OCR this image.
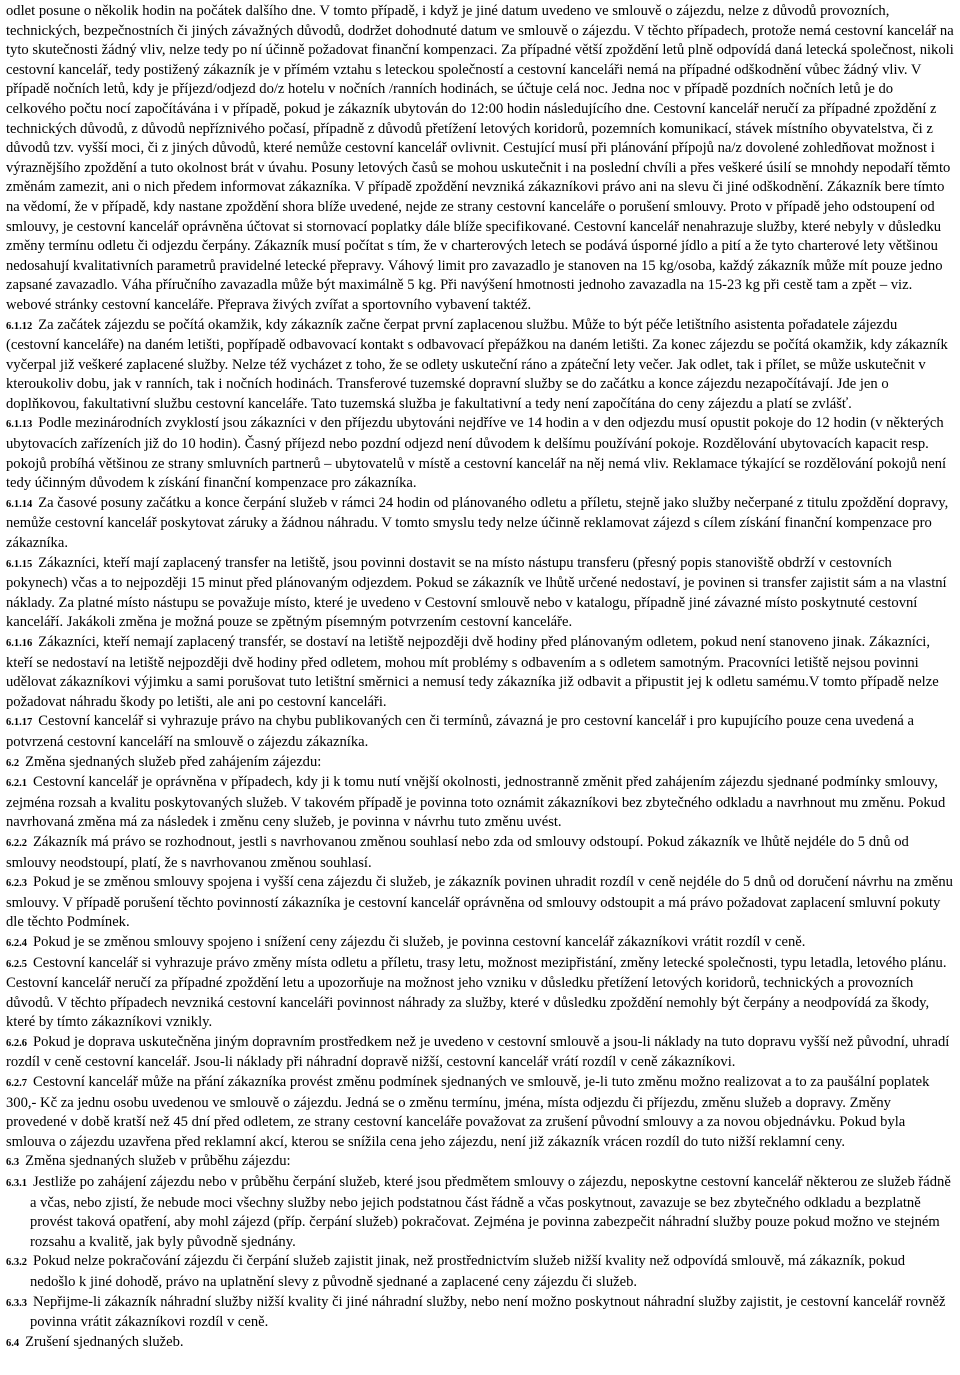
odlet posune o několik hodin na počátek dalšího dne. V tomto případě, i když je jiné datum uvedeno ve smlouvě o zájezdu, nelze z důvodů provozních, technických, bezpečnostních či jiných závažných důvodů, dodržet dohodnuté datum ve smlouvě o zájezdu. V těchto případech, protože nemá cestovní kancelář na tyto skutečnosti žádný vliv, nelze tedy po ní účinně požadovat finanční kompenzaci. Za případné větší zpoždění letů plně odpovídá daná letecká společnost, nikoli cestovní kancelář, tedy postižený zákazník je v přímém vztahu s leteckou společností a cestovní kanceláři nemá na případné odškodnění vůbec žádný vliv. V případě nočních letů, kdy je příjezd/odjezd do/z hotelu v nočních /ranních hodinách, se účtuje celá noc. Jedna noc v případě pozdních nočních letů je do celkového počtu nocí započítávána i v případě, pokud je zákazník ubytován do 12:00 hodin následujícího dne. Cestovní kancelář neručí za případné zpoždění z technických důvodů, z důvodů nepříznivého počasí, případně z důvodů přetížení letových koridorů, pozemních komunikací, stávek místního obyvatelstva, či z důvodů tzv. vyšší moci, či z jiných důvodů, které nemůže cestovní kancelář ovlivnit. Cestující musí při plánování přípojů na/z dovolené zohledňovat možnost i výraznějšího zpoždění a tuto okolnost brát v úvahu. Posuny letových časů se mohou uskutečnit i na poslední chvíli a přes veškeré úsilí se mnohdy nepodaří těmto změnám zamezit, ani o nich předem informovat zákazníka. V případě zpoždění nevzniká zákazníkovi právo ani na slevu či jiné odškodnění. Zákazník bere tímto na vědomí, že v případě, kdy nastane zpoždění shora blíže uvedené, nejde ze strany cestovní kanceláře o porušení smlouvy. Proto v případě jeho odstoupení od smlouvy, je cestovní kancelář oprávněna účtovat si stornovací poplatky dále blíže specifikované. Cestovní kancelář nenahrazuje služby, které nebyly v důsledku změny termínu odletu či odjezdu čerpány. Zákazník musí počítat s tím, že v charterových letech se podává úsporné jídlo a pití a že tyto charterové lety většinou nedosahují kvalitativních parametrů pravidelné letecké přepravy. Váhový limit pro zavazadlo je stanoven na 15 kg/osoba, každý zákazník může mít pouze jedno zapsané zavazadlo. Váha příručního zavazadla může být maximálně 5 kg. Při navýšení hmotnosti jednoho zavazadla na 15-23 kg při cestě tam a zpět – viz. webové stránky cestovní kanceláře. Přeprava živých zvířat a sportovního vybavení taktéž.
6.1.12 Za začátek zájezdu se počítá okamžik, kdy zákazník začne čerpat první zaplacenou službu. Může to být péče letištního asistenta pořadatele zájezdu (cestovní kanceláře) na daném letišti, popřípadě odbavovací kontakt s odbavovací přepážkou na daném letišti. Za konec zájezdu se počítá okamžik, kdy zákazník vyčerpal již veškeré zaplacené služby. Nelze též vycházet z toho, že se odlety uskuteční ráno a zpáteční lety večer. Jak odlet, tak i přílet, se může uskutečnit v kteroukoliv dobu, jak v ranních, tak i nočních hodinách. Transferové tuzemské dopravní služby se do začátku a konce zájezdu nezapočítávají. Jde jen o doplňkovou, fakultativní službu cestovní kanceláře. Tato tuzemská služba je fakultativní a tedy není započítána do ceny zájezdu a platí se zvlášť.
6.1.13 Podle mezinárodních zvyklostí jsou zákazníci v den příjezdu ubytováni nejdříve ve 14 hodin a v den odjezdu musí opustit pokoje do 12 hodin (v některých ubytovacích zařízeních již do 10 hodin). Časný příjezd nebo pozdní odjezd není důvodem k delšímu používání pokoje. Rozdělování ubytovacích kapacit resp. pokojů probíhá většinou ze strany smluvních partnerů – ubytovatelů v místě a cestovní kancelář na něj nemá vliv. Reklamace týkající se rozdělování pokojů není tedy účinným důvodem k získání finanční kompenzace pro zákazníka.
6.1.14 Za časové posuny začátku a konce čerpání služeb v rámci 24 hodin od plánovaného odletu a příletu, stejně jako služby nečerpané z titulu zpoždění dopravy, nemůže cestovní kancelář poskytovat záruky a žádnou náhradu. V tomto smyslu tedy nelze účinně reklamovat zájezd s cílem získání finanční kompenzace pro zákazníka.
6.1.15 Zákazníci, kteří mají zaplacený transfer na letiště, jsou povinni dostavit se na místo nástupu transferu (přesný popis stanoviště obdrží v cestovních pokynech) včas a to nejpozději 15 minut před plánovaným odjezdem. Pokud se zákazník ve lhůtě určené nedostaví, je povinen si transfer zajistit sám a na vlastní náklady. Za platné místo nástupu se považuje místo, které je uvedeno v Cestovní smlouvě nebo v katalogu, případně jiné závazné místo poskytnuté cestovní kanceláří. Jakákoli změna je možná pouze se zpětným písemným potvrzením cestovní kanceláře.
6.1.16 Zákazníci, kteří nemají zaplacený transfér, se dostaví na letiště nejpozději dvě hodiny před plánovaným odletem, pokud není stanoveno jinak. Zákazníci, kteří se nedostaví na letiště nejpozději dvě hodiny před odletem, mohou mít problémy s odbavením a s odletem samotným. Pracovníci letiště nejsou povinni udělovat zákazníkovi výjimku a sami porušovat tuto letištní směrnici a nemusí tedy zákazníka již odbavit a připustit jej k odletu samému.V tomto případě nelze požadovat náhradu škody po letišti, ale ani po cestovní kanceláři.
6.1.17 Cestovní kancelář si vyhrazuje právo na chybu publikovaných cen či termínů, závazná je pro cestovní kancelář i pro kupujícího pouze cena uvedená a potvrzená cestovní kanceláří na smlouvě o zájezdu zákazníka.
6.2 Změna sjednaných služeb před zahájením zájezdu:
6.2.1 Cestovní kancelář je oprávněna v případech, kdy ji k tomu nutí vnější okolnosti, jednostranně změnit před zahájením zájezdu sjednané podmínky smlouvy, zejména rozsah a kvalitu poskytovaných služeb. V takovém případě je povinna toto oznámit zákazníkovi bez zbytečného odkladu a navrhnout mu změnu. Pokud navrhovaná změna má za následek i změnu ceny služeb, je povinna v návrhu tuto změnu uvést.
6.2.2 Zákazník má právo se rozhodnout, jestli s navrhovanou změnou souhlasí nebo zda od smlouvy odstoupí. Pokud zákazník ve lhůtě nejdéle do 5 dnů od smlouvy neodstoupí, platí, že s navrhovanou změnou souhlasí.
6.2.3 Pokud je se změnou smlouvy spojena i vyšší cena zájezdu či služeb, je zákazník povinen uhradit rozdíl v ceně nejdéle do 5 dnů od doručení návrhu na změnu smlouvy. V případě porušení těchto povinností zákazníka je cestovní kancelář oprávněna od smlouvy odstoupit a má právo požadovat zaplacení smluvní pokuty dle těchto Podmínek.
6.2.4 Pokud je se změnou smlouvy spojeno i snížení ceny zájezdu či služeb, je povinna cestovní kancelář zákazníkovi vrátit rozdíl v ceně.
6.2.5 Cestovní kancelář si vyhrazuje právo změny místa odletu a příletu, trasy letu, možnost mezipřistání, změny letecké společnosti, typu letadla, letového plánu. Cestovní kancelář neručí za případné zpoždění letu a upozorňuje na možnost jeho vzniku v důsledku přetížení letových koridorů, technických a provozních důvodů. V těchto případech nevzniká cestovní kanceláři povinnost náhrady za služby, které v důsledku zpoždění nemohly být čerpány a neodpovídá za škody, které by tímto zákazníkovi vznikly.
6.2.6 Pokud je doprava uskutečněna jiným dopravním prostředkem než je uvedeno v cestovní smlouvě a jsou-li náklady na tuto dopravu vyšší než původní, uhradí rozdíl v ceně cestovní kancelář. Jsou-li náklady při náhradní dopravě nižší, cestovní kancelář vrátí rozdíl v ceně zákazníkovi.
6.2.7 Cestovní kancelář může na přání zákazníka provést změnu podmínek sjednaných ve smlouvě, je-li tuto změnu možno realizovat a to za paušální poplatek 300,- Kč za jednu osobu uvedenou ve smlouvě o zájezdu. Jedná se o změnu termínu, jména, místa odjezdu či příjezdu, změnu služeb a dopravy. Změny provedené v době kratší než 45 dní před odletem, ze strany cestovní kanceláře považovat za zrušení původní smlouvy a za novou objednávku. Pokud byla smlouva o zájezdu uzavřena před reklamní akcí, kterou se snížila cena jeho zájezdu, není již zákazník vrácen rozdíl do tuto nižší reklamní ceny.
6.3 Změna sjednaných služeb v průběhu zájezdu:
6.3.1 Jestliže po zahájení zájezdu nebo v průběhu čerpání služeb, které jsou předmětem smlouvy o zájezdu, neposkytne cestovní kancelář některou ze služeb řádně a včas, nebo zjistí, že nebude moci všechny služby nebo jejich podstatnou část řádně a včas poskytnout, zavazuje se bez zbytečného odkladu a bezplatně provést taková opatření, aby mohl zájezd (příp. čerpání služeb) pokračovat. Zejména je povinna zabezpečit náhradní služby pouze pokud možno ve stejném rozsahu a kvalitě, jak byly původně sjednány.
6.3.2 Pokud nelze pokračování zájezdu či čerpání služeb zajistit jinak, než prostřednictvím služeb nižší kvality než odpovídá smlouvě, má zákazník, pokud nedošlo k jiné dohodě, právo na uplatnění slevy z původně sjednané a zaplacené ceny zájezdu či služeb.
6.3.3 Nepřijme-li zákazník náhradní služby nižší kvality či jiné náhradní služby, nebo není možno poskytnout náhradní služby zajistit, je cestovní kancelář rovněž povinna vrátit zákazníkovi rozdíl v ceně.
6.4 Zrušení sjednaných služeb.
